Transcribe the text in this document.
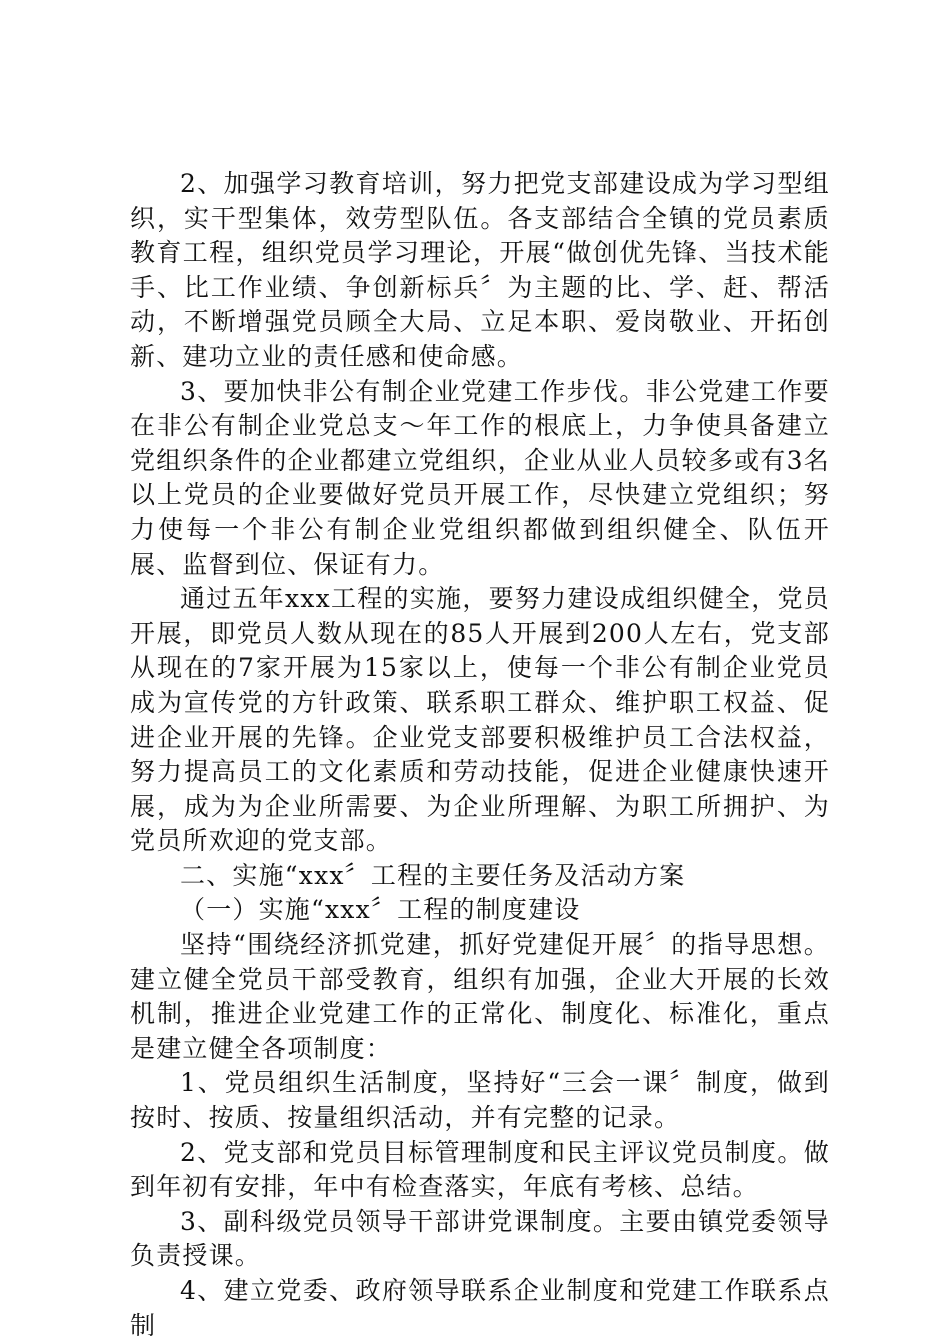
2、加强学习教育培训，努力把党支部建设成为学习型组织，实干型集体，效劳型队伍。各支部结合全镇的党员素质教育工程，组织党员学习理论，开展“做创优先锋、当技术能手、比工作业绩、争创新标兵〞为主题的比、学、赶、帮活动，不断增强党员顾全大局、立足本职、爱岗敬业、开拓创新、建功立业的责任感和使命感。

3、要加快非公有制企业党建工作步伐。非公党建工作要在非公有制企业党总支～年工作的根底上，力争使具备建立党组织条件的企业都建立党组织，企业从业人员较多或有3名以上党员的企业要做好党员开展工作，尽快建立党组织；努力使每一个非公有制企业党组织都做到组织健全、队伍开展、监督到位、保证有力。

通过五年xxx工程的实施，要努力建设成组织健全，党员开展，即党员人数从现在的85人开展到200人左右，党支部从现在的7家开展为15家以上，使每一个非公有制企业党员成为宣传党的方针政策、联系职工群众、维护职工权益、促进企业开展的先锋。企业党支部要积极维护员工合法权益，努力提高员工的文化素质和劳动技能，促进企业健康快速开展，成为为企业所需要、为企业所理解、为职工所拥护、为党员所欢迎的党支部。

二、实施“xxx〞工程的主要任务及活动方案

（一）实施“xxx〞工程的制度建设

坚持“围绕经济抓党建，抓好党建促开展〞的指导思想。建立健全党员干部受教育，组织有加强，企业大开展的长效机制，推进企业党建工作的正常化、制度化、标准化，重点是建立健全各项制度：

1、党员组织生活制度，坚持好“三会一课〞制度，做到按时、按质、按量组织活动，并有完整的记录。

2、党支部和党员目标管理制度和民主评议党员制度。做到年初有安排，年中有检查落实，年底有考核、总结。

3、副科级党员领导干部讲党课制度。主要由镇党委领导负责授课。

4、建立党委、政府领导联系企业制度和党建工作联系点制
